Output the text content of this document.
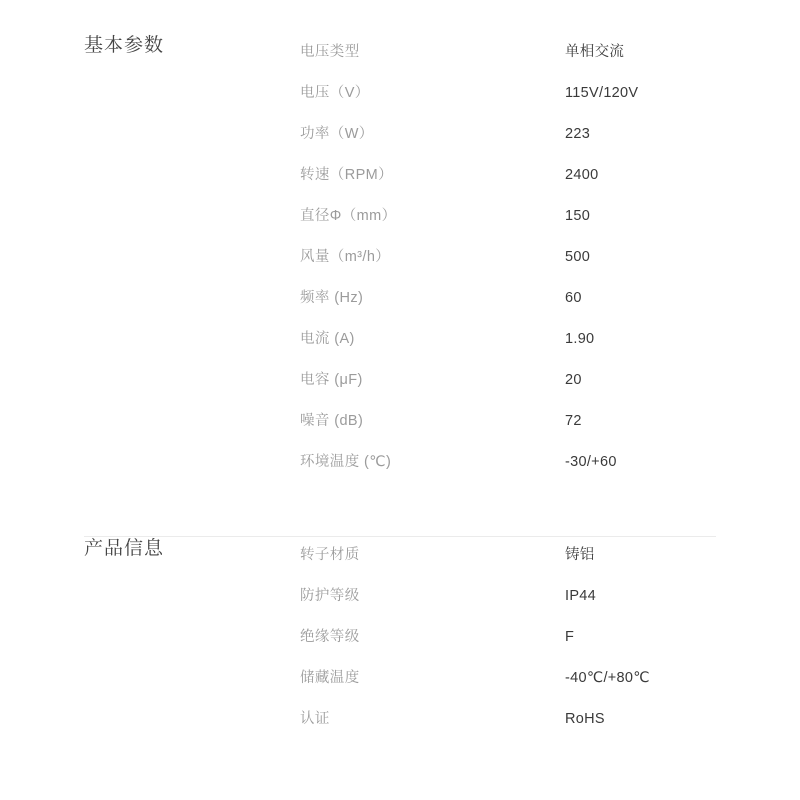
基本参数	电压类型	单相交流
电压（V）	115V/120V
功率（W）	223
转速（RPM）	2400
直径Φ（mm）	150
风量（m³/h）	500
频率 (Hz)	60
电流 (A)	1.90
电容 (μF)	20
噪音 (dB)	72
环境温度 (℃)	-30/+60
产品信息	转子材质	铸铝
防护等级	IP44
绝缘等级	F
储藏温度	-40℃/+80℃
认证	RoHS
